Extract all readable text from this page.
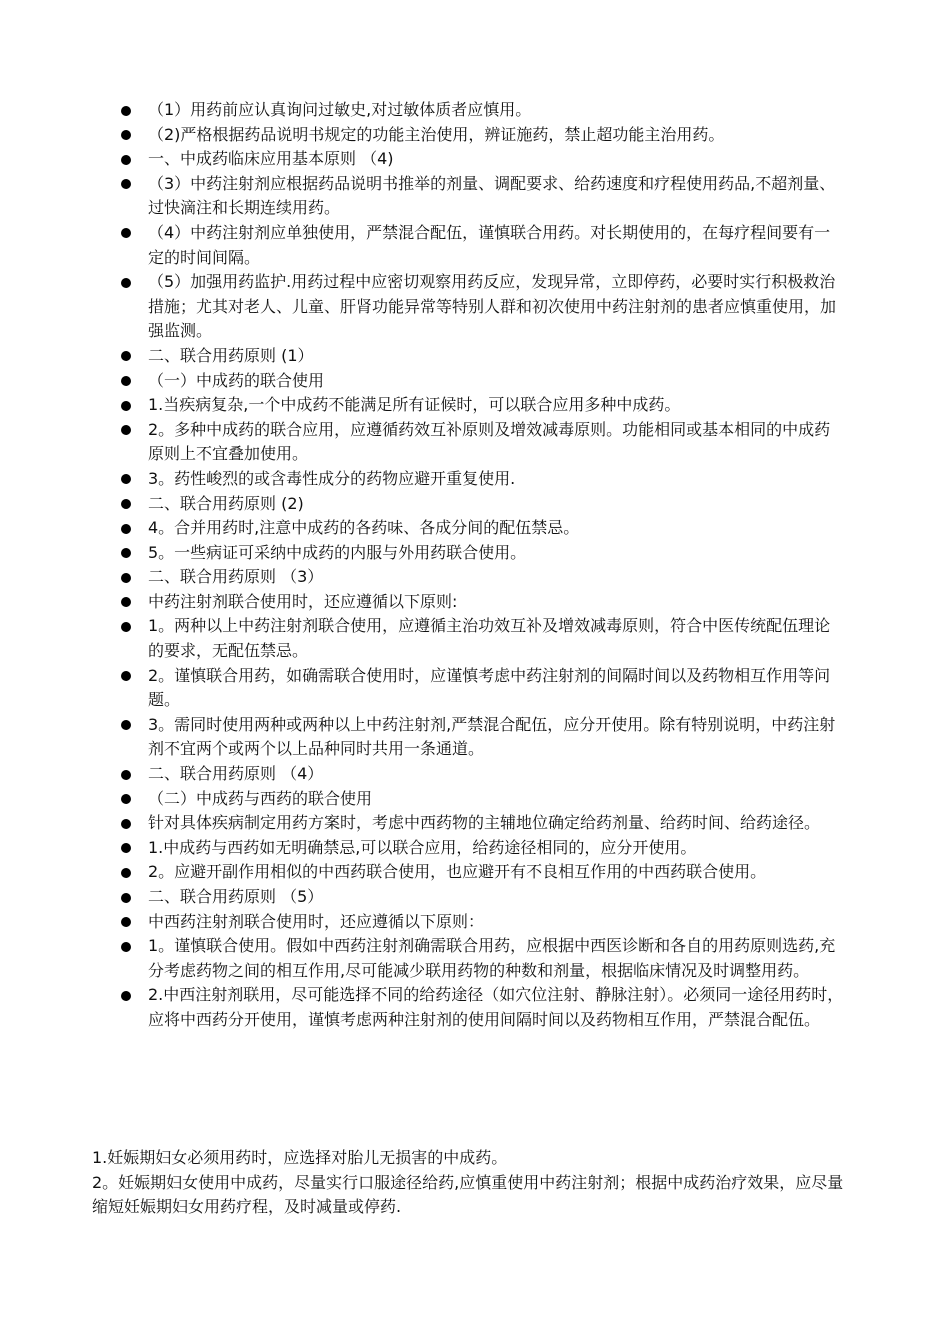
（1）用药前应认真询问过敏史,对过敏体质者应慎用。
（2)严格根据药品说明书规定的功能主治使用，辨证施药，禁止超功能主治用药。
一、中成药临床应用基本原则 （4)
（3）中药注射剂应根据药品说明书推举的剂量、调配要求、给药速度和疗程使用药品,不超剂量、过快滴注和长期连续用药。
（4）中药注射剂应单独使用，严禁混合配伍，谨慎联合用药。对长期使用的，在每疗程间要有一定的时间间隔。
（5）加强用药监护.用药过程中应密切观察用药反应，发现异常，立即停药，必要时实行积极救治措施；尤其对老人、儿童、肝肾功能异常等特别人群和初次使用中药注射剂的患者应慎重使用，加强监测。
二、联合用药原则 (1）
（一）中成药的联合使用
1.当疾病复杂,一个中成药不能满足所有证候时，可以联合应用多种中成药。
2。多种中成药的联合应用，应遵循药效互补原则及增效减毒原则。功能相同或基本相同的中成药原则上不宜叠加使用。
3。药性峻烈的或含毒性成分的药物应避开重复使用.
二、联合用药原则 (2)
4。合并用药时,注意中成药的各药味、各成分间的配伍禁忌。
5。一些病证可采纳中成药的内服与外用药联合使用。
二、联合用药原则 （3）
中药注射剂联合使用时，还应遵循以下原则:
1。两种以上中药注射剂联合使用，应遵循主治功效互补及增效减毒原则，符合中医传统配伍理论的要求，无配伍禁忌。
2。谨慎联合用药，如确需联合使用时，应谨慎考虑中药注射剂的间隔时间以及药物相互作用等问题。
3。需同时使用两种或两种以上中药注射剂,严禁混合配伍，应分开使用。除有特别说明，中药注射剂不宜两个或两个以上品种同时共用一条通道。
二、联合用药原则 （4）
（二）中成药与西药的联合使用
针对具体疾病制定用药方案时，考虑中西药物的主辅地位确定给药剂量、给药时间、给药途径。
1.中成药与西药如无明确禁忌,可以联合应用，给药途径相同的，应分开使用。
2。应避开副作用相似的中西药联合使用，也应避开有不良相互作用的中西药联合使用。
二、联合用药原则 （5）
中西药注射剂联合使用时，还应遵循以下原则：
1。谨慎联合使用。假如中西药注射剂确需联合用药，应根据中西医诊断和各自的用药原则选药,充分考虑药物之间的相互作用,尽可能减少联用药物的种数和剂量，根据临床情况及时调整用药。
2.中西注射剂联用，尽可能选择不同的给药途径（如穴位注射、静脉注射）。必须同一途径用药时，应将中西药分开使用，谨慎考虑两种注射剂的使用间隔时间以及药物相互作用，严禁混合配伍。

1.妊娠期妇女必须用药时，应选择对胎儿无损害的中成药。

2。妊娠期妇女使用中成药，尽量实行口服途径给药,应慎重使用中药注射剂；根据中成药治疗效果，应尽量缩短妊娠期妇女用药疗程，及时减量或停药.
